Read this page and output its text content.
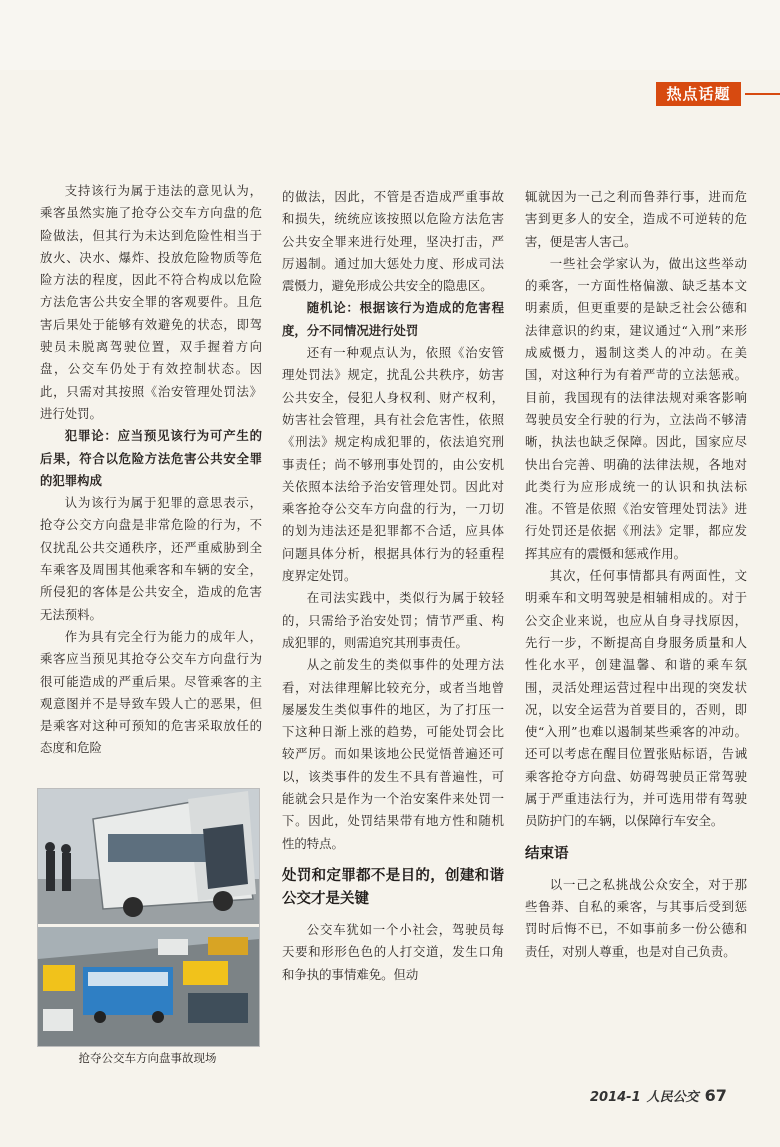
热点话题

支持该行为属于违法的意见认为，乘客虽然实施了抢夺公交车方向盘的危险做法，但其行为未达到危险性相当于放火、决水、爆炸、投放危险物质等危险方法的程度，因此不符合构成以危险方法危害公共安全罪的客观要件。且危害后果处于能够有效避免的状态，即驾驶员未脱离驾驶位置，双手握着方向盘，公交车仍处于有效控制状态。因此，只需对其按照《治安管理处罚法》进行处罚。

犯罪论：应当预见该行为可产生的后果，符合以危险方法危害公共安全罪的犯罪构成

认为该行为属于犯罪的意思表示，抢夺公交方向盘是非常危险的行为，不仅扰乱公共交通秩序，还严重威胁到全车乘客及周围其他乘客和车辆的安全，所侵犯的客体是公共安全，造成的危害无法预料。

作为具有完全行为能力的成年人，乘客应当预见其抢夺公交车方向盘行为很可能造成的严重后果。尽管乘客的主观意图并不是导致车毁人亡的恶果，但是乘客对这种可预知的危害采取放任的态度和危险

抢夺公交车方向盘事故现场

的做法，因此，不管是否造成严重事故和损失，统统应该按照以危险方法危害公共安全罪来进行处理，坚决打击，严厉遏制。通过加大惩处力度、形成司法震慑力，避免形成公共安全的隐患区。

随机论：根据该行为造成的危害程度，分不同情况进行处罚

还有一种观点认为，依照《治安管理处罚法》规定，扰乱公共秩序，妨害公共安全，侵犯人身权利、财产权利，妨害社会管理，具有社会危害性，依照《刑法》规定构成犯罪的，依法追究刑事责任；尚不够刑事处罚的，由公安机关依照本法给予治安管理处罚。因此对乘客抢夺公交车方向盘的行为，一刀切的划为违法还是犯罪都不合适，应具体问题具体分析，根据具体行为的轻重程度界定处罚。

在司法实践中，类似行为属于较轻的，只需给予治安处罚；情节严重、构成犯罪的，则需追究其刑事责任。

从之前发生的类似事件的处理方法看，对法律理解比较充分，或者当地曾屡屡发生类似事件的地区，为了打压一下这种日渐上涨的趋势，可能处罚会比较严厉。而如果该地公民觉悟普遍还可以，该类事件的发生不具有普遍性，可能就会只是作为一个治安案件来处罚一下。因此，处罚结果带有地方性和随机性的特点。

处罚和定罪都不是目的，创建和谐公交才是关键

公交车犹如一个小社会，驾驶员每天要和形形色色的人打交道，发生口角和争执的事情难免。但动

辄就因为一己之利而鲁莽行事，进而危害到更多人的安全，造成不可逆转的危害，便是害人害己。

一些社会学家认为，做出这些举动的乘客，一方面性格偏激、缺乏基本文明素质，但更重要的是缺乏社会公德和法律意识的约束，建议通过“入刑”来形成威慑力，遏制这类人的冲动。在美国，对这种行为有着严苛的立法惩戒。目前，我国现有的法律法规对乘客影响驾驶员安全行驶的行为，立法尚不够清晰，执法也缺乏保障。因此，国家应尽快出台完善、明确的法律法规，各地对此类行为应形成统一的认识和执法标准。不管是依照《治安管理处罚法》进行处罚还是依据《刑法》定罪，都应发挥其应有的震慑和惩戒作用。

其次，任何事情都具有两面性，文明乘车和文明驾驶是相辅相成的。对于公交企业来说，也应从自身寻找原因，先行一步，不断提高自身服务质量和人性化水平，创建温馨、和谐的乘车氛围，灵活处理运营过程中出现的突发状况，以安全运营为首要目的，否则，即使“入刑”也难以遏制某些乘客的冲动。还可以考虑在醒目位置张贴标语，告诫乘客抢夺方向盘、妨碍驾驶员正常驾驶属于严重违法行为，并可选用带有驾驶员防护门的车辆，以保障行车安全。

结束语

以一己之私挑战公众安全，对于那些鲁莽、自私的乘客，与其事后受到惩罚时后悔不已，不如事前多一份公德和责任，对别人尊重，也是对自己负责。

2014-1 人民公交 67
